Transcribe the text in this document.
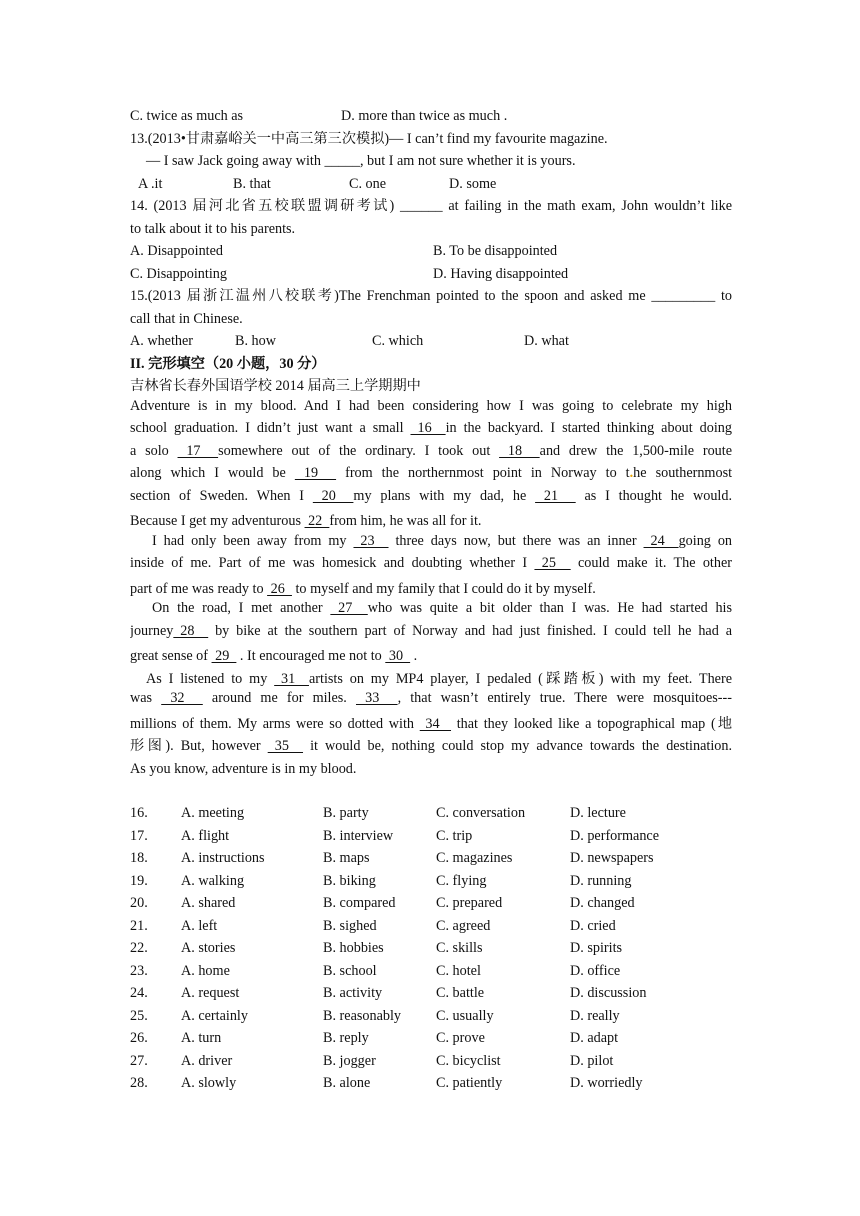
C. twice as much as	D. more than twice as much .
13.(2013•甘肃嘉峪关一中高三第三次模拟)— I can’t find my favourite magazine.
— I saw Jack going away with _____, but I am not sure whether it is yours.
A .it	B. that	C. one	D. some
14. (2013 届河北省五校联盟调研考试) ______ at failing in the math exam, John wouldn’t like
to talk about it to his parents.
A. Disappointed	B. To be disappointed
C. Disappointing	D. Having disappointed
15.(2013 届浙江温州八校联考)The Frenchman pointed to the spoon and asked me _________ to
call that in Chinese.
A. whether	B. how	C. which	D. what
II. 完形填空（20 小题，30 分）
吉林省长春外国语学校 2014 届高三上学期期中
Adventure is in my blood. And I had been considering how I was going to celebrate my high
school graduation. I didn’t just want a small  16  in the backyard. I started thinking about doing
a solo  17  somewhere out of the ordinary. I took out  18  and drew the 1,500-mile route
along which I would be  19   from the northernmost point in Norway to t.he southernmost
section of Sweden. When I  20  my plans with my dad, he  21   as I thought he would.
Because I get my adventurous  22  from him, he was all for it.
I had only been away from my  23   three days now, but there was an inner  24  going on
inside of me. Part of me was homesick and doubting whether I  25   could make it. The other
part of me was ready to  26   to myself and my family that I could do it by myself.
On the road, I met another  27  who was quite a bit older than I was. He had started his
journey 28   by bike at the southern part of Norway and had just finished. I could tell he had a
great sense of  29   . It encouraged me not to  30   .
As I listened to my  31  artists on my MP4 player, I pedaled (踩踏板) with my feet. There
was  32   around me for miles.  33  , that wasn’t entirely true. There were mosquitoes---
millions of them. My arms were so dotted with  34   that they looked like a topographical map (地
形图). But, however  35   it would be, nothing could stop my advance towards the destination.
As you know, adventure is in my blood.
16. A. meeting	B. party	C. conversation	D. lecture
17. A. flight	B. interview	C. trip	D. performance
18. A. instructions	B. maps	C. magazines	D. newspapers
19. A. walking	B. biking	C. flying	D. running
20. A. shared	B. compared	C. prepared	D. changed
21. A. left	B. sighed	C. agreed	D. cried
22. A. stories	B. hobbies	C. skills	D. spirits
23. A. home	B. school	C. hotel	D. office
24. A. request	B. activity	C. battle	D. discussion
25. A. certainly	B. reasonably C. usually	D. really
26. A. turn	B. reply	C. prove	D. adapt
27. A. driver	B. jogger	C. bicyclist	D. pilot
28. A. slowly	B. alone	C. patiently	D. worriedly
